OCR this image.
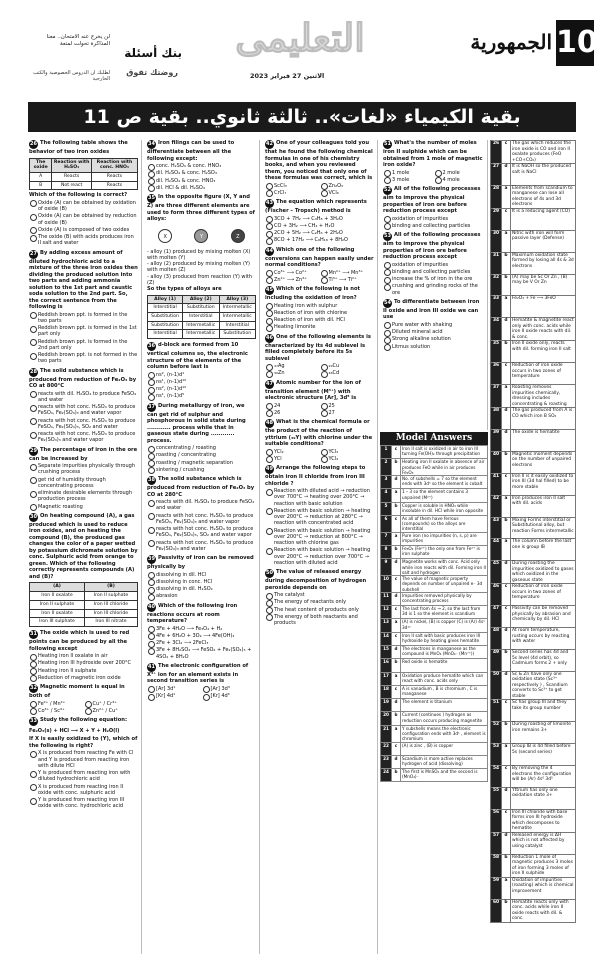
10
الجمهورية
التعليمى
الاثنين 27 فبراير 2023
لن يخرج عنه الامتحان.. معنا المذاكرة تحولت لمتعة
بنك أسئلة
روضتك تفوق
لطلبك ان الدروس الخصوصية والكتب الخارجية
بقية الكيمياء «لغات».. ثالثة ثانوي.. بقية ص 11
26 The following table shows the behavior of two iron oxides
The oxide	Reaction with H₂SO₄	Reaction with conc. HNO₃
A	Reacts	Reacts
B	Not react	Reacts
Which of the following is correct?
Oxide (A) can be obtained by oxidation of oxide (B)
Oxide (A) can be obtained by reduction of oxide (B)
Oxide (A) is composed of two oxides
The oxide (B) with acids produces iron II salt and water
27 By adding excess amount of diluted hydrochloric acid to a mixture of the three iron oxides then dividing the produced solution into two parts and adding ammonia solution to the 1st part and caustic soda solution to the 2nd part. So, the correct sentence from the following is
Reddish brown ppt. is formed in the two parts
Reddish brown ppt. is formed in the 1st part only
Reddish brown ppt. is formed in the 2nd part only
Reddish brown ppt. is not formed in the two parts
28 The solid substance which is produced from reduction of Fe₂O₃ by CO at 800°C
reacts with dil. H₂SO₄ to produce FeSO₄ and water
reacts with hot conc. H₂SO₄ to produce FeSO₄, Fe₂(SO₄)₃ and water vapor
reacts with hot conc. H₂SO₄ to produce FeSO₄, Fe₂(SO₄)₃, SO₂ and water
reacts with hot conc. H₂SO₄ to produce Fe₂(SO₄)₃ and water vapor
29 The percentage of iron in the ore can be increased by
Separate impurities physically through crushing process
get rid of humidity through concentrating process
eliminate desirable elements through production process
Magnetic roasting
30 On heating compound (A), a gas produced which is used to reduce iron oxides, and on heating the compound (B), the produced gas changes the color of a paper wetted by potassium dichromate solution by conc. Sulphuric acid from orange to green. Which of the following correctly represents compounds (A) and (B)?
(A)	(B)
Iron II oxalate	Iron II sulphate
Iron II sulphate	Iron III chloride
Iron II oxalate	Iron III chloride
Iron III sulphate	Iron III nitrate
31 The oxide which is used to red points can be produced by all the following except
Heating iron II oxalate in air
Heating iron III hydroxide over 200°C
Heating iron II sulphate
Reduction of magnetic iron oxide
32 Magnetic moment is equal in both of
Fe²⁺ / Mn²⁺	Cu⁺ / Cr³⁺
Co³⁺ / Sc³⁺	Zn²⁺ / Cu⁺
33 Study the following equation:
Fe₂O₃(s) + HCl ⟶ X + Y + H₂O(l)
If X is easily oxidized to (Y), which of the following is right?
X is produced from reacting Fe with Cl and Y is produced from reacting iron with dilute HCl
Y is produced from reacting iron with diluted hydrochloric acid
X is produced from reacting iron II oxide with conc. sulphuric acid
Y is produced from reacting iron III oxide with conc. hydrochloric acid
34 Iron filings can be used to differentiate between all the following except:
conc. H₂SO₄ & conc. HNO₃
dil. H₂SO₄ & conc. H₂SO₄
dil. H₂SO₄ & conc. HNO₃
dil. HCl & dil. H₂SO₄
35 In the opposite figure (X, Y and Z) are three different elements are used to form three different types of alloys:
X	Y	Z
- alloy (1) produced by mixing molten (X) with molten (Y)
- alloy (2) produced by mixing molten (Y) with molten (Z)
- alloy (3) produced from reaction (Y) with (Z)
So the types of alloys are
Alloy (1)	Alloy (2)	Alloy (3)
Interstitial	Substitution	Intermetallic
Substitution	Interstitial	Intermetallic
Substitution	Intermetallic	Interstitial
Interstitial	Intermetallic	Substitution
36 d-block are formed from 10 vertical columns so, the electronic structure of the elements of the column before last is
ns², (n-1)d¹
ns¹, (n-1)d¹⁰
ns², (n-1)d¹⁰
ns¹, (n-1)d⁵
37 During metallurgy of iron, we can get rid of sulphur and phosphorous in solid state during ............ process while that in gaseous state during ............ process.
concentrating / roasting
roasting / concentrating
roasting / magnetic separation
sintering / crushing
38 The solid substance which is produced from reduction of Fe₂O₃ by CO at 280°C
reacts with dil. H₂SO₄ to produce FeSO₄ and water
reacts with hot conc. H₂SO₄ to produce FeSO₄, Fe₂(SO₄)₃ and water vapor
reacts with hot conc. H₂SO₄ to produce FeSO₄, Fe₂(SO₄)₃, SO₂ and water vapor
reacts with hot conc. H₂SO₄ to produce Fe₂(SO₄)₃ and water
39 Passivity of iron can be removed physically by
dissolving in dil. HCl
dissolving in conc. HCl
dissolving in dil. H₂SO₄
abrasion
40 Which of the following iron reactions occurs at room temperature?
3Fe + 4H₂O ⟶ Fe₃O₄ + H₂
4Fe + 6H₂O + 3O₂ ⟶ 4Fe(OH)₃
2Fe + 3Cl₂ ⟶ 2FeCl₃
3Fe + 8H₂SO₄ ⟶ FeSO₄ + Fe₂(SO₄)₃ + 4SO₂ + 8H₂O
41 The electronic configuration of X³⁺ ion for an element exists in second transition series is
[Ar] 3d¹	[Ar] 3d³
[Kr] 4d¹	[Kr] 4d³
42 One of your colleagues told you that he found the following chemical formulas in one of his chemistry books, and when you reviewed them, you noticed that only one of these formulas was correct, which is
ScCl₃	Zn₂O₃
CrCl₇	VCl₆
43 The equation which represents (Fischer – Tropsch) method is
3CO + 7H₂ ⟶ C₃H₈ + 3H₂O
CO + 3H₂ ⟶ CH₄ + H₂O
2CO + 5H₂ ⟶ C₂H₆ + 2H₂O
8CO + 17H₂ ⟶ C₈H₁₈ + 8H₂O
44 Which one of the following conversions can happen easily under normal conditions?
Co³⁺ ⟶ Co²⁺	Mn²⁺ ⟶ Mn³⁺
Zn²⁺ ⟶ Zn³⁺	Ti³⁺ ⟶ Ti²⁺
45 Which of the following is not including the oxidation of iron?
Heating iron with sulphur
Reaction of iron with chlorine
Reaction of iron with dil. HCl
Heating limonite
46 One of the following elements is characterized by its 4d sublevel is filled completely before its 5s sublevel
₄₇Ag	₂₉Cu
₃₀Zn	₄₈Cd
47 Atomic number for the ion of transition element (M³⁺) with electronic structure [Ar], 3d⁵ is
24	25
26	27
48 What is the chemical formula or the product of the reaction of yttrium (₃₉Y) with chlorine under the suitable conditions?
YCl₂	YCl₃
YCl	YCl₄
49 Arrange the following steps to obtain iron II chloride from iron III chloride ?
Reaction with diluted acid → reduction over 700°C → heating over 200°C → reaction with basic solution
Reaction with basic solution → heating over 200°C → reduction at 280°C → reaction with concentrated acid
Reaction with basic solution → heating over 200°C → reduction at 800°C → reaction with chlorine gas
Reaction with basic solution → heating over 200°C → reduction over 700°C → reaction with diluted acid
50 The value of released energy during decomposition of hydrogen peroxide depends on
The catalyst
The energy of reactants only
The heat content of products only
The energy of both reactants and products
51 What's the number of moles iron II sulphide which can be obtained from 1 mole of magnetic iron oxide?
1 mole	2 mole
3 mole	4 mole
52 All of the following processes aim to improve the physical properties of iron ore before reduction process except
oxidation of impurities
binding and collecting particles
53 All of the following processes aim to improve the physical properties of iron ore before reduction process except
oxidation of impurities
binding and collecting particles
increase the % of iron in the ore
crushing and grinding rocks of the ore
54 To differentiate between iron II oxide and iron III oxide we can use
Pure water with shaking
Diluted mineral acid
Strong alkaline solution
Litmus solution
Model Answers
1	c	Iron II salt is oxidized in air to iron III turning Fe(OH)₂ through precipitation
2	b	Heating iron II oxalate in absence of air produces FeO while in air produces Fe₂O₃
3	d	No. of subshells = 7 so the element ends with 3d⁵ so the element is cobalt
4	a	1 – 3 so the element contains 3 unpaired (M²⁺)
5	b	Copper is soluble in HNO₃ while insoluble in dil. HCl while iron opposite
6	c	As all of them have ferrous (compounds) so the alloys are interstitial
7	a	Pure iron (no impurities (n, s, p) are impurities
8	b	Fe₃O₄ (Fe²⁺) the only one from Fe²⁺ is iron sulphate
9	d	Magnetite works with conc. Acid only while iron reacts with dil. Forming iron II salt and hydrogen
10	c	The value of magnetic property depends on number of unpaired e⁻ 3d subshell
11	d	Impurities removed physically by concentrating process
12	c	The last from 4s → 2, so the last from 3d is 1 so the element is scandium
13	a	(A) is nickel, (B) is copper (C) is (Ar) 4s¹ 3d¹⁰
14	c	Iron II salt with basic produces iron III hydroxide by heating gives hematite
15	d	The electrons in manganese as the compound is MnO₄ (MnO₄⁻ (Mn⁷⁺))
16	b	Red oxide is hematite
17	a	Oxidation produce hematite which can react with conc. acids only
18	c	A is vanadium , B is chromium , C is manganese
19	d	The element is titanium
20	b	Current (continues ) hydrogen as reduction occurs producing magnetite
21	a	Y subshells means the electronic configuration ends with 3d¹ , element is chromium
22	c	(A) is zinc , (B) is copper
23	d	Scandium is more active replaces hydrogen of acid (dissolving)
24	b	The first is MnSO₄ and the second is (MnO₄)⁻
26	c	The gas which reduces the iron oxide is CO and iron II oxalate produces (FeO +CO+CO₂)
27	d	It is NaOH so the produced salt is NaCl
28	a	Elements from scandium to manganese can lose all electrons of 4s and 3d electrons
29	c	It is a reducing agent (CO)
30	a	Nitric with iron will form passive layer (Defense)
31	b	Maximum oxidation state formed by losing all 4s & 3d electrons
32	b	(A) may be Sc Or Zn , (B) may be V Or Zn
33	a	Fe₂O₃ + Fe ⟶ 3FeO
34	d	Hematite & magnetite react only with conc. acids while iron II oxide reacts with dil. & conc.
35	b	Iron II oxide only, reacts with dil. forming iron II salt
36	c	Reduction of iron oxide occurs in two zones of temperature
37	a	Roasting removes impurities chemically, dressing includes concentrating & roasting
38	d	The gas produced from A is CO which iron B SO₂
39	d	The oxide is hematite
40	b	Magnetic moment depends on the number of unpaired electrons
41	c	Iron II is it easily oxidized to iron III (3d hal filled) to be more stable
42	a	Iron produces iron II salt with dil. acids
43	b	Mixing Forms interstitial or Substitutional alloy, but reaction Forms intermetallic
44	a	The column before the last one is group IB
45	d	During roasting the impurities oxidized to gases which oxidized in the gaseous state
46	c	Reduction of iron oxide occurs in two zones of temperature
47	c	Passivity can be removed physically by abrasion and chemically by dil. HCl
48	d	At room temperature, rusting occurs by reacting with water
49	b	Second series has 4d and 5s level (4d orbit), so Cadmium forms 2 + only
50	d	Sc & Zn have only one oxidation state (Sc³⁺ respectively ) , Scandium converts to Sc³⁺ to get stable
51	c	Sc has group III and they take its group number
52	b	During roasting of limonite iron remains 3+
53	a	Group IB is 4d filled before 5s (second series)
54	c	By removing the 4 electrons the configuration will be (Ar) 4s⁰ 3d⁵
55	d	Yttrium has only one oxidation state 3+
56	c	Iron III chloride with base forms iron III hydroxide which decomposes to hematite
57	d	Released energy is ΔH which is not affected by using catalyst
58	b	Reduction 1 mole of magnetic produces 3 moles of iron forming 3 moles of iron II sulphide
59	a	Oxidation of impurities (roasting) which is chemical improvement
60	b	Hematite reacts only with conc. acids while iron II oxide reacts with dil. & conc.
